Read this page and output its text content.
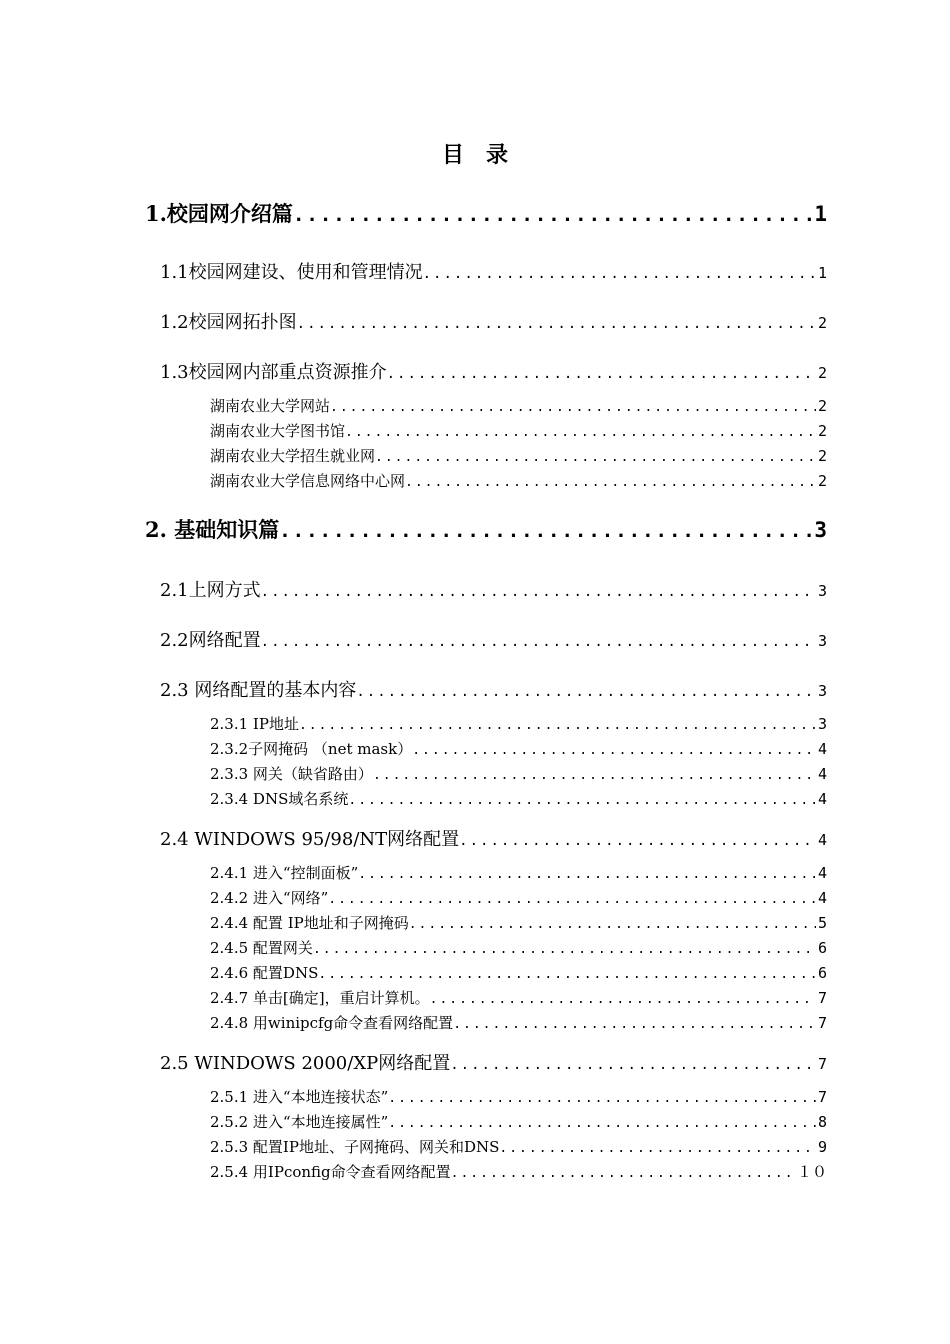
目　录
1.校园网介绍篇 .....	1
1.1校园网建设、使用和管理情况 .....	1
1.2校园网拓扑图 .....	2
1.3校园网内部重点资源推介 .....	2
湖南农业大学网站 .....	2
湖南农业大学图书馆 .....	2
湖南农业大学招生就业网 .....	2
湖南农业大学信息网络中心网 .....	2
2. 基础知识篇 .....	3
2.1上网方式 .....	3
2.2网络配置 .....	3
2.3 网络配置的基本内容 .....	3
2.3.1 IP地址 .....	3
2.3.2子网掩码 （net mask） .....	4
2.3.3 网关（缺省路由） .....	4
2.3.4 DNS域名系统 .....	4
2.4 WINDOWS 95/98/NT网络配置 .....	4
2.4.1 进入“控制面板” .....	4
2.4.2 进入“网络” .....	4
2.4.4 配置 IP地址和子网掩码 .....	5
2.4.5 配置网关 .....	6
2.4.6 配置DNS .....	6
2.4.7 单击[确定]，重启计算机。 .....	7
2.4.8 用winipcfg命令查看网络配置 .....	7
2.5 WINDOWS 2000/XP网络配置 .....	7
2.5.1 进入“本地连接状态” .....	7
2.5.2 进入“本地连接属性” .....	8
2.5.3 配置IP地址、子网掩码、网关和DNS .....	9
2.5.4 用IPconfig命令查看网络配置 .....	１０
